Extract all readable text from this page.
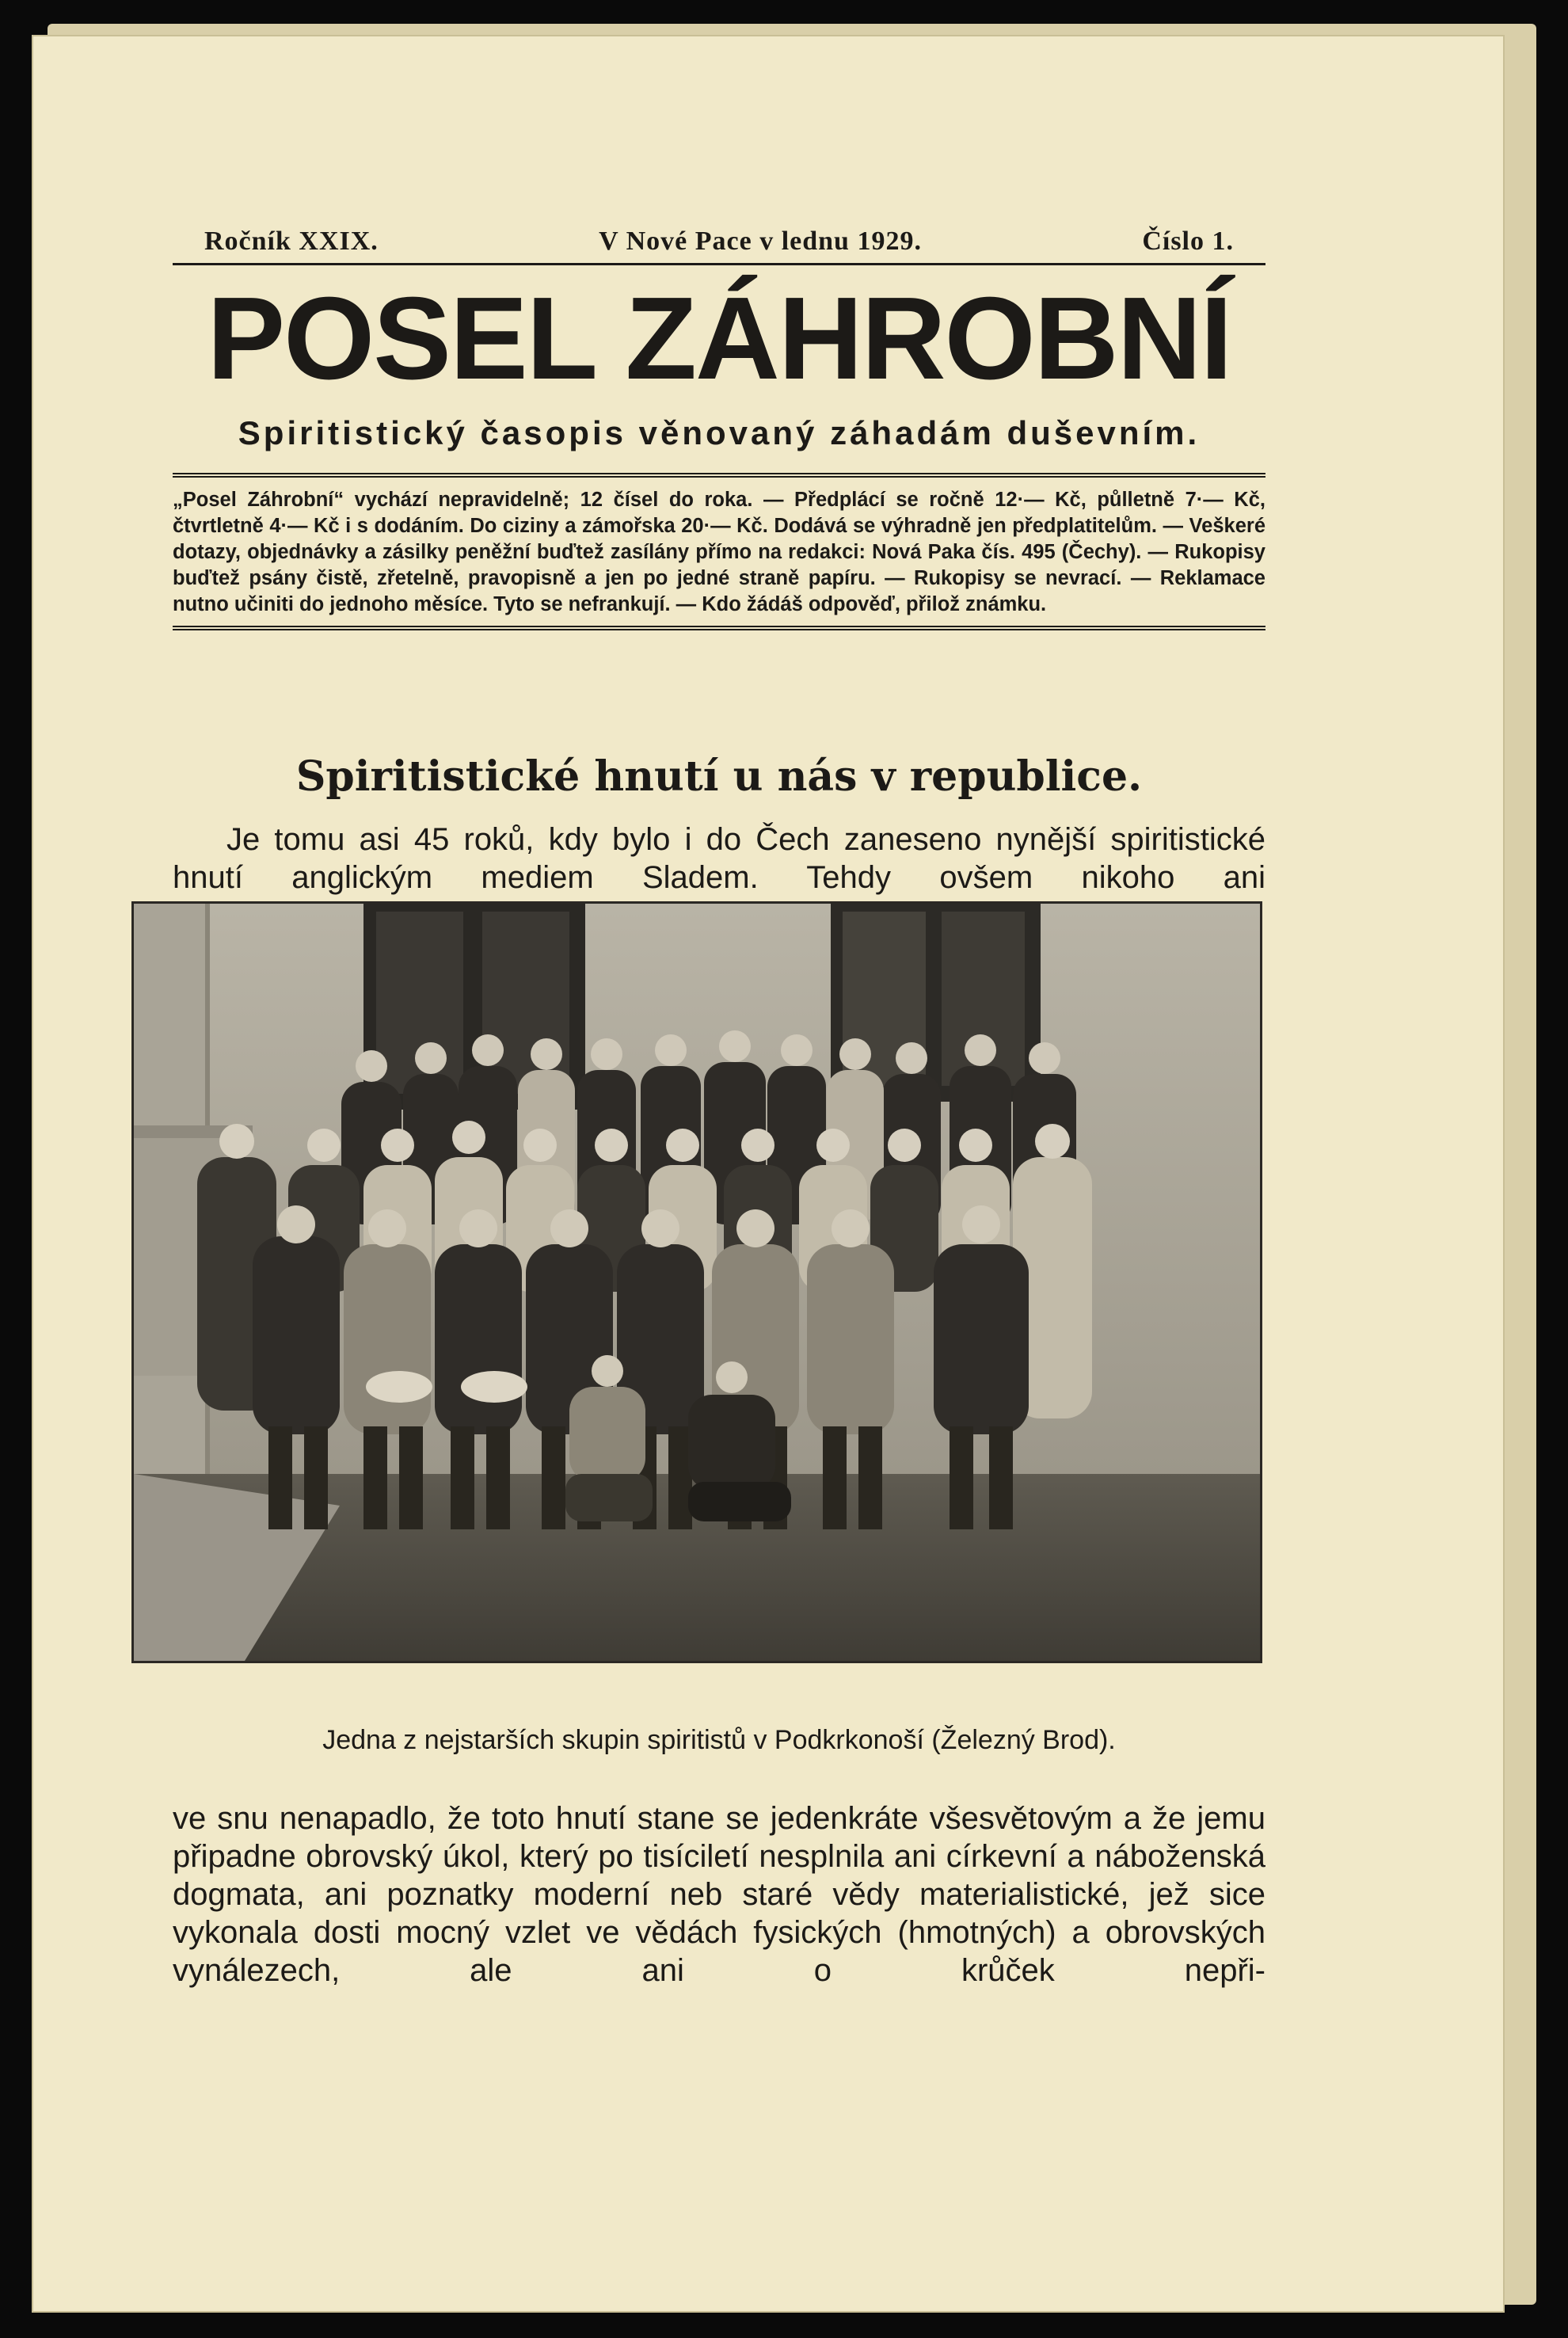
Ročník XXIX.	V Nové Pace v lednu 1929.	Číslo 1.
POSEL ZÁHROBNÍ
Spiritistický časopis věnovaný záhadám duševním.
„Posel Záhrobní“ vychází nepravidelně; 12 čísel do roka. — Předplácí se ročně 12·— Kč, půlletně 7·— Kč, čtvrtletně 4·— Kč i s dodáním. Do ciziny a zámořska 20·— Kč. Dodává se výhradně jen předplatitelům. — Veškeré dotazy, objednávky a zásilky peněžní buďtež zasílány přímo na redakci: Nová Paka čís. 495 (Čechy). — Rukopisy buďtež psány čistě, zřetelně, pravopisně a jen po jedné straně papíru. — Rukopisy se nevrací. — Reklamace nutno učiniti do jednoho měsíce. Tyto se nefrankují. — Kdo žádáš odpověď, přilož známku.
Spiritistické hnutí u nás v republice.
Je tomu asi 45 roků, kdy bylo i do Čech zaneseno nynější spiritistické hnutí anglickým mediem Sladem. Tehdy ovšem nikoho ani
Jedna z nejstarších skupin spiritistů v Podkrkonoší (Železný Brod).
ve snu nenapadlo, že toto hnutí stane se jedenkráte všesvětovým a že jemu připadne obrovský úkol, který po tisíciletí nesplnila ani církevní a náboženská dogmata, ani poznatky moderní neb staré vědy materialistické, jež sice vykonala dosti mocný vzlet ve vědách fysických (hmotných) a obrovských vynálezech, ale ani o krůček nepři-
